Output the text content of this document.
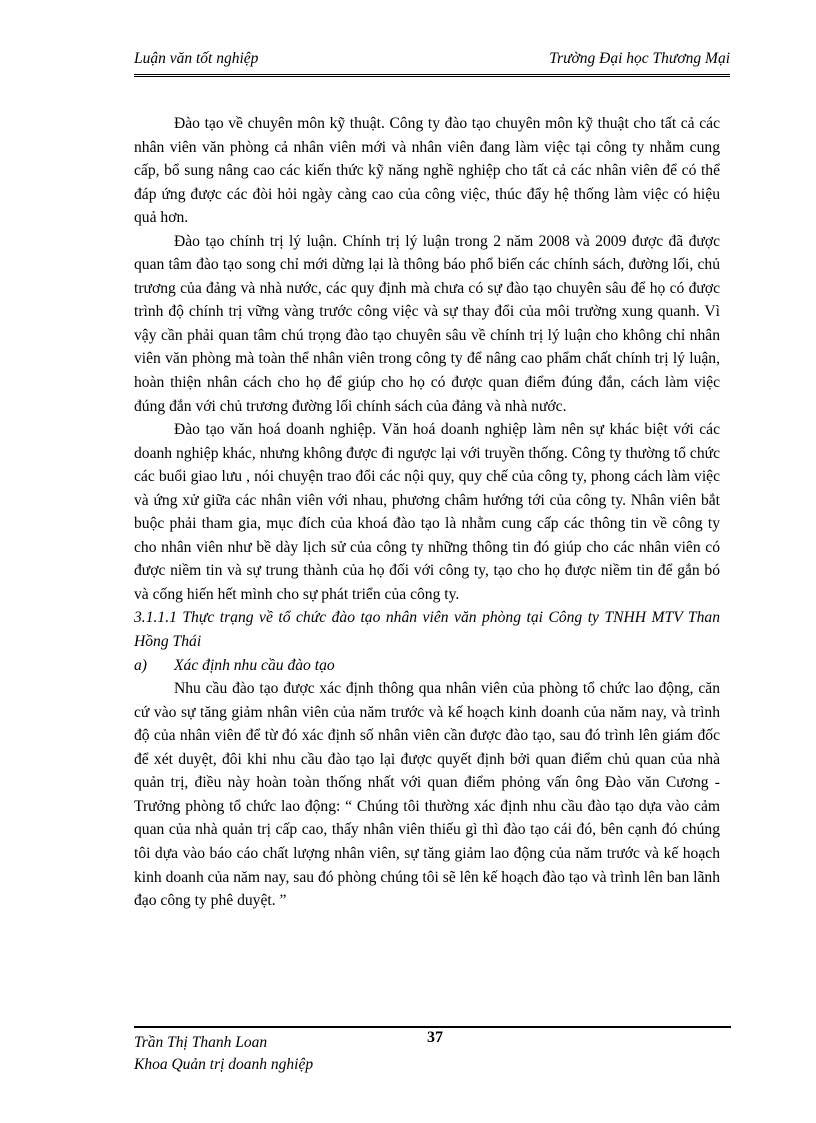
Luận văn tốt nghiệp	Trường Đại học Thương Mại

Đào tạo về chuyên môn kỹ thuật. Công ty đào tạo chuyên môn kỹ thuật cho tất cả các nhân viên văn phòng cả nhân viên mới và nhân viên đang làm việc tại công ty nhằm cung cấp, bổ sung nâng cao các kiến thức kỹ năng nghề nghiệp cho tất cả các nhân viên để có thể đáp ứng được các đòi hỏi ngày càng cao của công việc, thúc đẩy hệ thống làm việc có hiệu quả hơn.

Đào tạo chính trị lý luận. Chính trị lý luận trong 2 năm 2008 và 2009 được đã được quan tâm đào tạo song chỉ mới dừng lại là thông báo phổ biến các chính sách, đường lối, chủ trương của đảng và nhà nước, các quy định mà chưa có sự đào tạo chuyên sâu để họ có được trình độ chính trị vững vàng trước công việc và sự thay đổi của môi trường xung quanh. Vì vậy cần phải quan tâm chú trọng đào tạo chuyên sâu về chính trị lý luận cho không chỉ nhân viên văn phòng mà toàn thể nhân viên trong công ty để nâng cao phẩm chất chính trị lý luận, hoàn thiện nhân cách cho họ để giúp cho họ có được quan điểm đúng đắn, cách làm việc đúng đắn với chủ trương đường lối chính sách của đảng và nhà nước.

Đào tạo văn hoá doanh nghiệp. Văn hoá doanh nghiệp làm nên sự khác biệt với các doanh nghiệp khác, nhưng không được đi ngược lại với truyền thống. Công ty thường tổ chức các buổi giao lưu , nói chuyện trao đổi các nội quy, quy chế của công ty, phong cách làm việc và ứng xử giữa các nhân viên với nhau, phương châm hướng tới của công ty. Nhân viên bắt buộc phải tham gia, mục đích của khoá đào tạo là nhằm cung cấp các thông tin về công ty cho nhân viên như bề dày lịch sử của công ty những thông tin đó giúp cho các nhân viên có được niềm tin và sự trung thành của họ đối với công ty, tạo cho họ được niềm tin để gắn bó và cống hiến hết mình cho sự phát triển của công ty.

3.1.1.1 Thực trạng về tổ chức đào tạo nhân viên văn phòng tại Công ty TNHH MTV Than Hồng Thái

a) Xác định nhu cầu đào tạo

Nhu cầu đào tạo được xác định thông qua nhân viên của phòng tổ chức lao động, căn cứ vào sự tăng giảm nhân viên của năm trước và kế hoạch kinh doanh của năm nay, và trình độ của nhân viên để từ đó xác định số nhân viên cần được đào tạo, sau đó trình lên giám đốc để xét duyệt, đôi khi nhu cầu đào tạo lại được quyết định bởi quan điểm chủ quan của nhà quản trị, điều này hoàn toàn thống nhất với quan điểm phỏng vấn ông Đào văn Cương - Trưởng phòng tổ chức lao động: “ Chúng tôi thường xác định nhu cầu đào tạo dựa vào cảm quan của nhà quản trị cấp cao, thấy nhân viên thiếu gì thì đào tạo cái đó, bên cạnh đó chúng tôi dựa vào báo cáo chất lượng nhân viên, sự tăng giảm lao động của năm trước và kế hoạch kinh doanh của năm nay, sau đó phòng chúng tôi sẽ lên kế hoạch đào tạo và trình lên ban lãnh đạo công ty phê duyệt. ”

37
Trần Thị Thanh Loan
Khoa Quản trị doanh nghiệp
